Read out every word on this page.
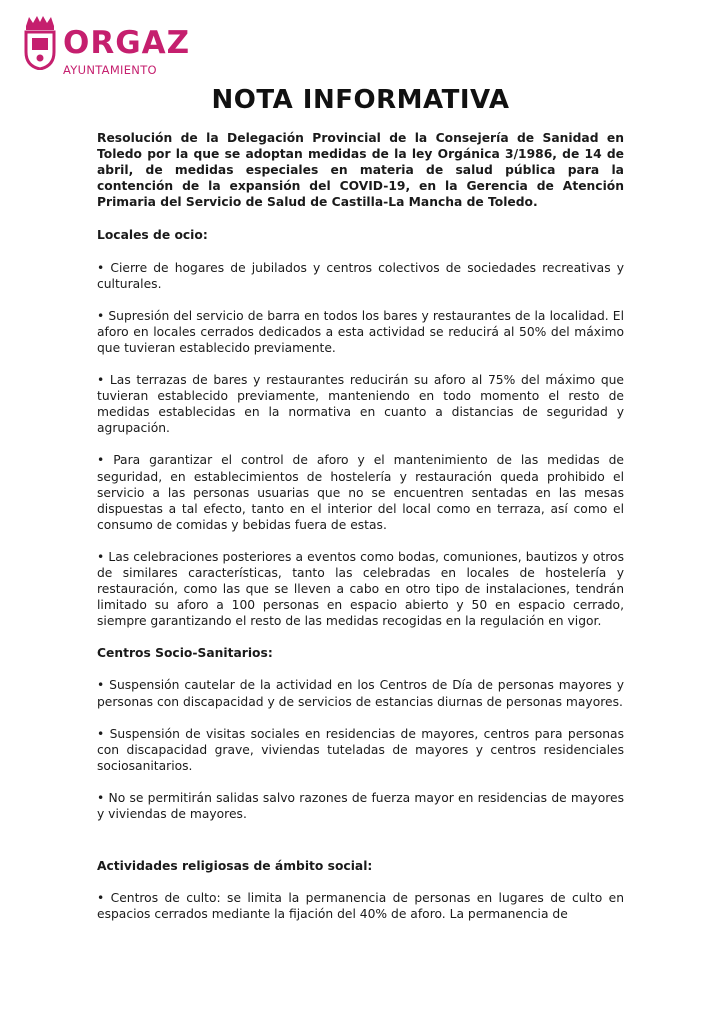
ORGAZ
AYUNTAMIENTO
NOTA INFORMATIVA

Resolución de la Delegación Provincial de la Consejería de Sanidad en Toledo por la que se adoptan medidas de la ley Orgánica 3/1986, de 14 de abril, de medidas especiales en materia de salud pública para la contención de la expansión del COVID-19, en la Gerencia de Atención Primaria del Servicio de Salud de Castilla-La Mancha de Toledo.

Locales de ocio:

• Cierre de hogares de jubilados y centros colectivos de sociedades recreativas y culturales.

• Supresión del servicio de barra en todos los bares y restaurantes de la localidad. El aforo en locales cerrados dedicados a esta actividad se reducirá al 50% del máximo que tuvieran establecido previamente.

• Las terrazas de bares y restaurantes reducirán su aforo al 75% del máximo que tuvieran establecido previamente, manteniendo en todo momento el resto de medidas establecidas en la normativa en cuanto a distancias de seguridad y agrupación.

• Para garantizar el control de aforo y el mantenimiento de las medidas de seguridad, en establecimientos de hostelería y restauración queda prohibido el servicio a las personas usuarias que no se encuentren sentadas en las mesas dispuestas a tal efecto, tanto en el interior del local como en terraza, así como el consumo de comidas y bebidas fuera de estas.

• Las celebraciones posteriores a eventos como bodas, comuniones, bautizos y otros de similares características, tanto las celebradas en locales de hostelería y restauración, como las que se lleven a cabo en otro tipo de instalaciones, tendrán limitado su aforo a 100 personas en espacio abierto y 50 en espacio cerrado, siempre garantizando el resto de las medidas recogidas en la regulación en vigor.

Centros Socio-Sanitarios:

• Suspensión cautelar de la actividad en los Centros de Día de personas mayores y personas con discapacidad y de servicios de estancias diurnas de personas mayores.

• Suspensión de visitas sociales en residencias de mayores, centros para personas con discapacidad grave, viviendas tuteladas de mayores y centros residenciales sociosanitarios.

• No se permitirán salidas salvo razones de fuerza mayor en residencias de mayores y viviendas de mayores.

Actividades religiosas de ámbito social:

• Centros de culto: se limita la permanencia de personas en lugares de culto en espacios cerrados mediante la fijación del 40% de aforo. La permanencia de
